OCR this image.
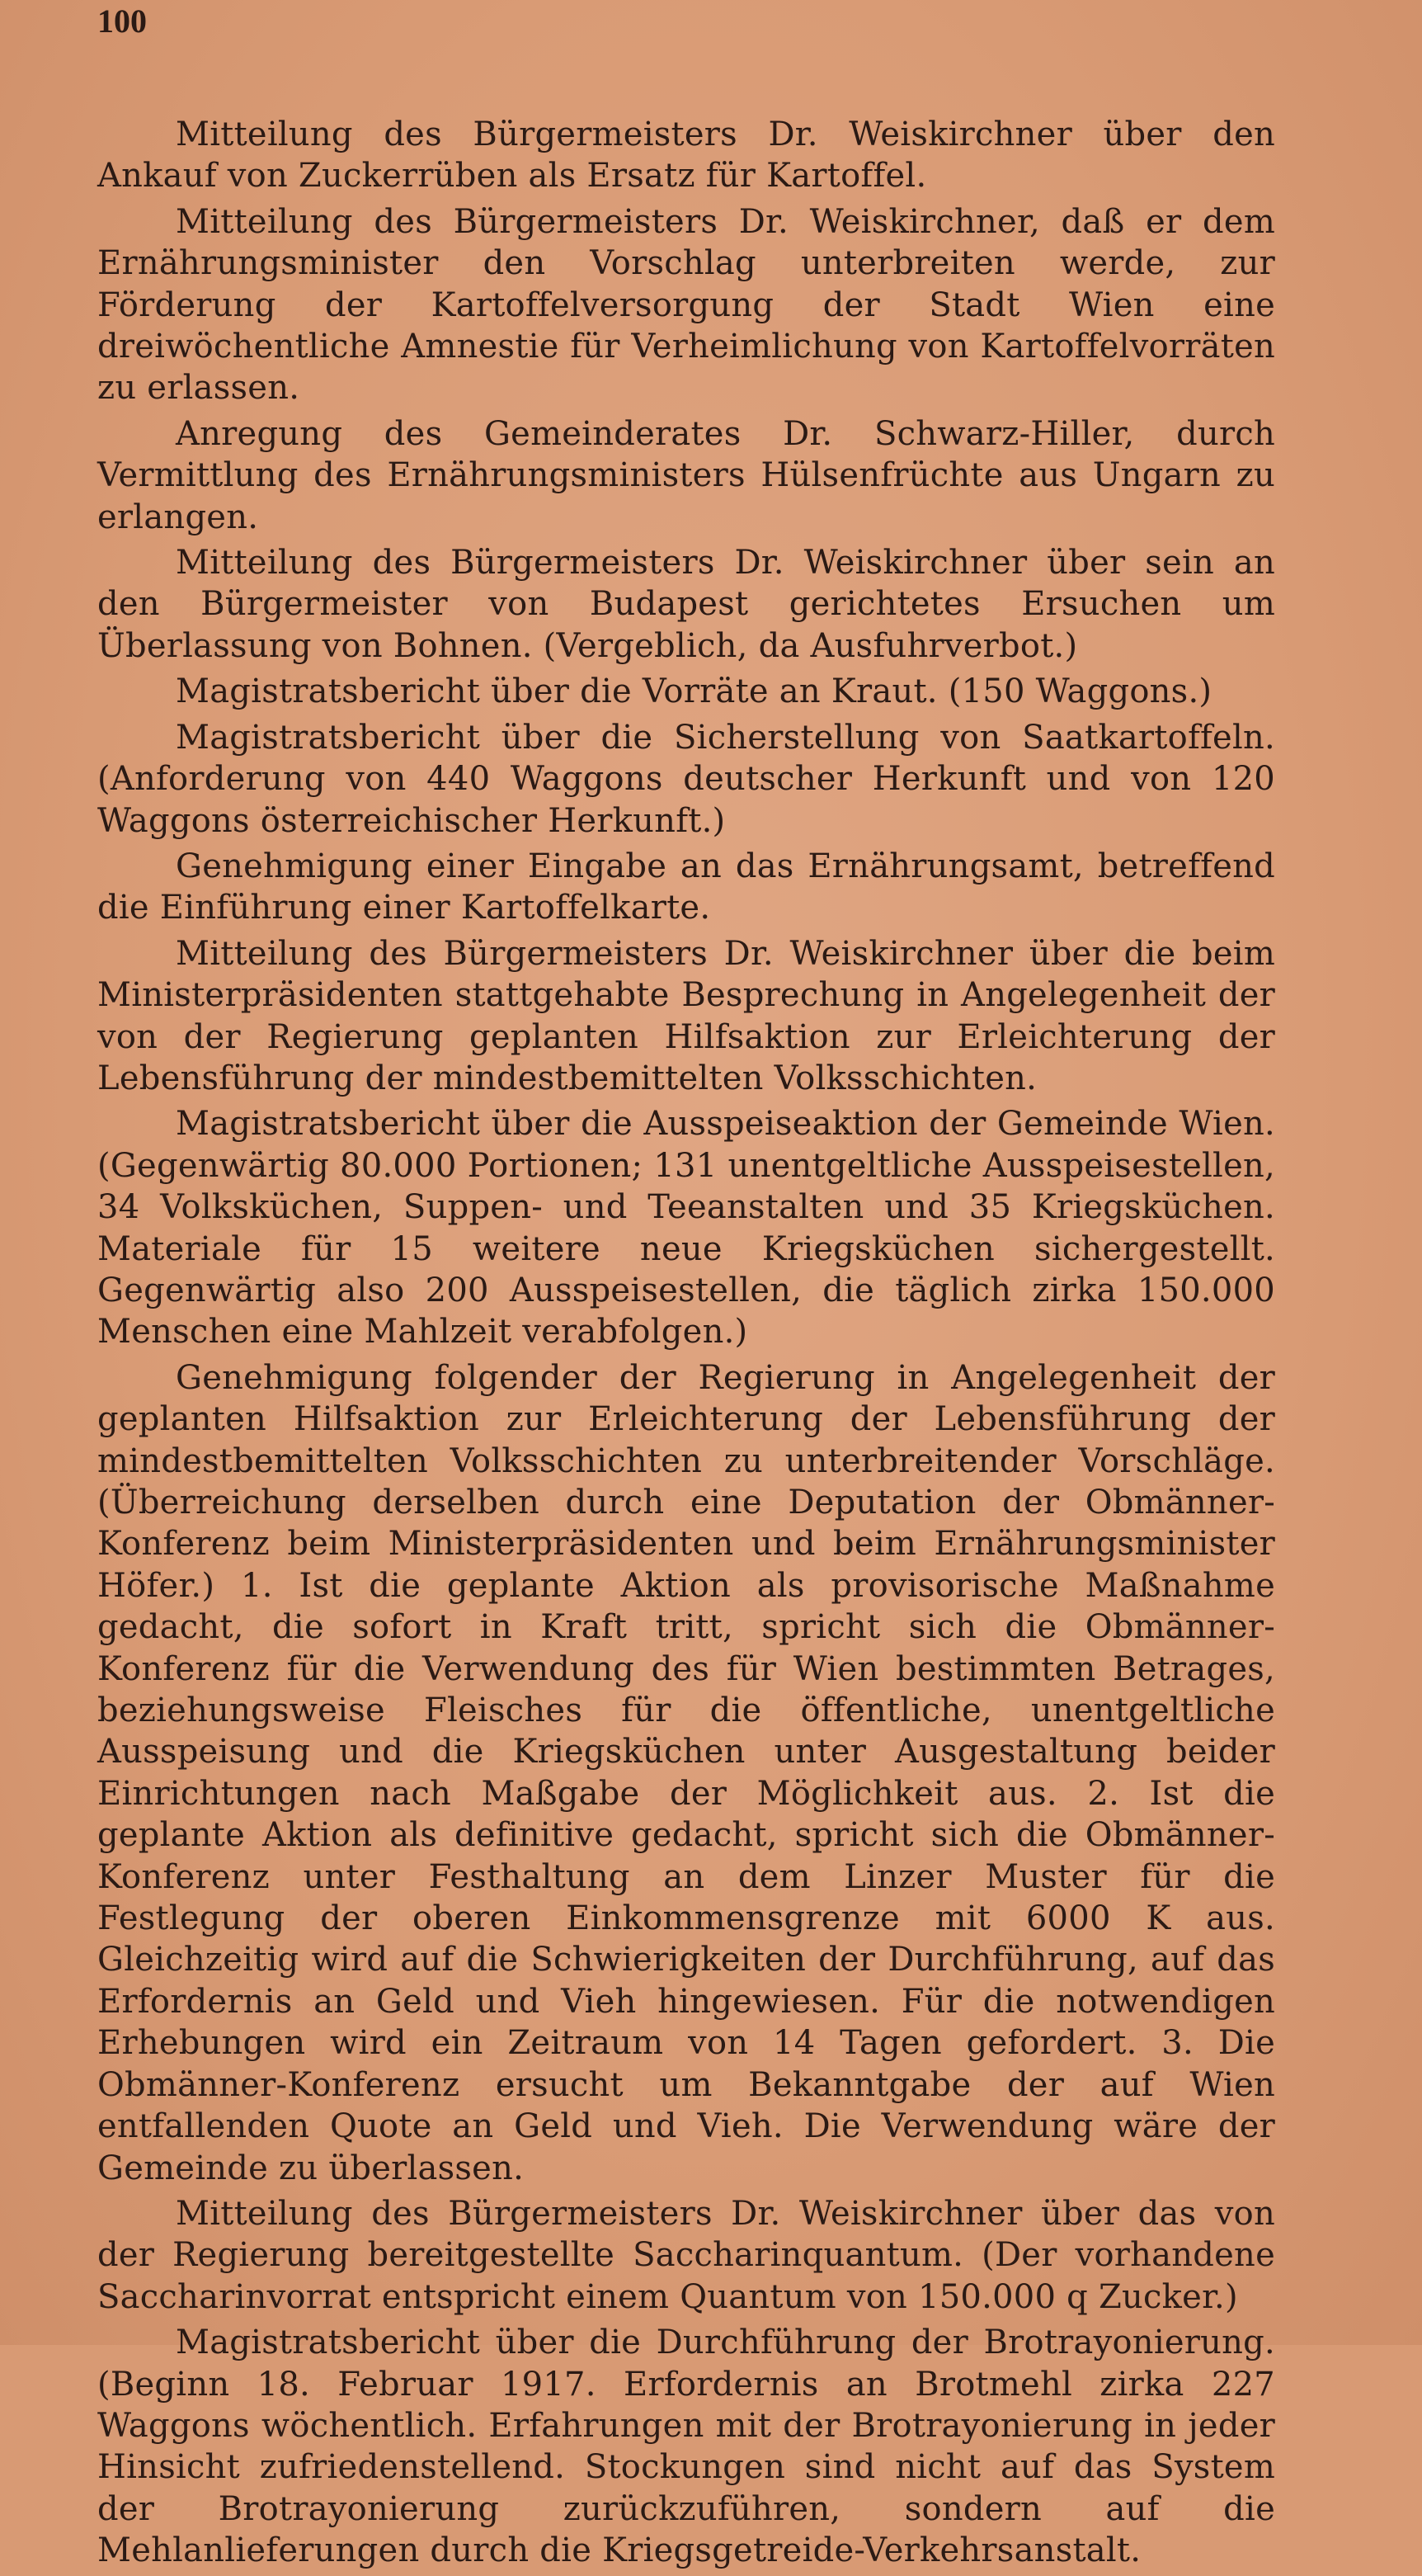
100

Mitteilung des Bürgermeisters Dr. Weiskirchner über den Ankauf von Zuckerrüben als Ersatz für Kartoffel.

Mitteilung des Bürgermeisters Dr. Weiskirchner, daß er dem Ernährungsminister den Vorschlag unterbreiten werde, zur Förderung der Kartoffelversorgung der Stadt Wien eine dreiwöchentliche Amnestie für Verheimlichung von Kartoffelvorräten zu erlassen.

Anregung des Gemeinderates Dr. Schwarz-Hiller, durch Vermittlung des Ernährungsministers Hülsenfrüchte aus Ungarn zu erlangen.

Mitteilung des Bürgermeisters Dr. Weiskirchner über sein an den Bürgermeister von Budapest gerichtetes Ersuchen um Überlassung von Bohnen. (Vergeblich, da Ausfuhrverbot.)

Magistratsbericht über die Vorräte an Kraut. (150 Waggons.)

Magistratsbericht über die Sicherstellung von Saatkartoffeln. (Anforderung von 440 Waggons deutscher Herkunft und von 120 Waggons österreichischer Herkunft.)

Genehmigung einer Eingabe an das Ernährungsamt, betreffend die Einführung einer Kartoffelkarte.

Mitteilung des Bürgermeisters Dr. Weiskirchner über die beim Ministerpräsidenten stattgehabte Besprechung in Angelegenheit der von der Regierung geplanten Hilfsaktion zur Erleichterung der Lebensführung der mindestbemittelten Volksschichten.

Magistratsbericht über die Ausspeiseaktion der Gemeinde Wien. (Gegenwärtig 80.000 Portionen; 131 unentgeltliche Ausspeisestellen, 34 Volksküchen, Suppen- und Teeanstalten und 35 Kriegsküchen. Materiale für 15 weitere neue Kriegsküchen sichergestellt. Gegenwärtig also 200 Ausspeisestellen, die täglich zirka 150.000 Menschen eine Mahlzeit verabfolgen.)

Genehmigung folgender der Regierung in Angelegenheit der geplanten Hilfsaktion zur Erleichterung der Lebensführung der mindestbemittelten Volksschichten zu unterbreitender Vorschläge. (Überreichung derselben durch eine Deputation der Obmänner-Konferenz beim Ministerpräsidenten und beim Ernährungsminister Höfer.) 1. Ist die geplante Aktion als provisorische Maßnahme gedacht, die sofort in Kraft tritt, spricht sich die Obmänner-Konferenz für die Verwendung des für Wien bestimmten Betrages, beziehungsweise Fleisches für die öffentliche, unentgeltliche Ausspeisung und die Kriegsküchen unter Ausgestaltung beider Einrichtungen nach Maßgabe der Möglichkeit aus. 2. Ist die geplante Aktion als definitive gedacht, spricht sich die Obmänner-Konferenz unter Festhaltung an dem Linzer Muster für die Festlegung der oberen Einkommensgrenze mit 6000 K aus. Gleichzeitig wird auf die Schwierigkeiten der Durchführung, auf das Erfordernis an Geld und Vieh hingewiesen. Für die notwendigen Erhebungen wird ein Zeitraum von 14 Tagen gefordert. 3. Die Obmänner-Konferenz ersucht um Bekanntgabe der auf Wien entfallenden Quote an Geld und Vieh. Die Verwendung wäre der Gemeinde zu überlassen.

Mitteilung des Bürgermeisters Dr. Weiskirchner über das von der Regierung bereitgestellte Saccharinquantum. (Der vorhandene Saccharinvorrat entspricht einem Quantum von 150.000 q Zucker.)

Magistratsbericht über die Durchführung der Brotrayonierung. (Beginn 18. Februar 1917. Erfordernis an Brotmehl zirka 227 Waggons wöchentlich. Erfahrungen mit der Brotrayonierung in jeder Hinsicht zufriedenstellend. Stockungen sind nicht auf das System der Brotrayonierung zurückzuführen, sondern auf die Mehlanlieferungen durch die Kriegsgetreide-Verkehrsanstalt.
